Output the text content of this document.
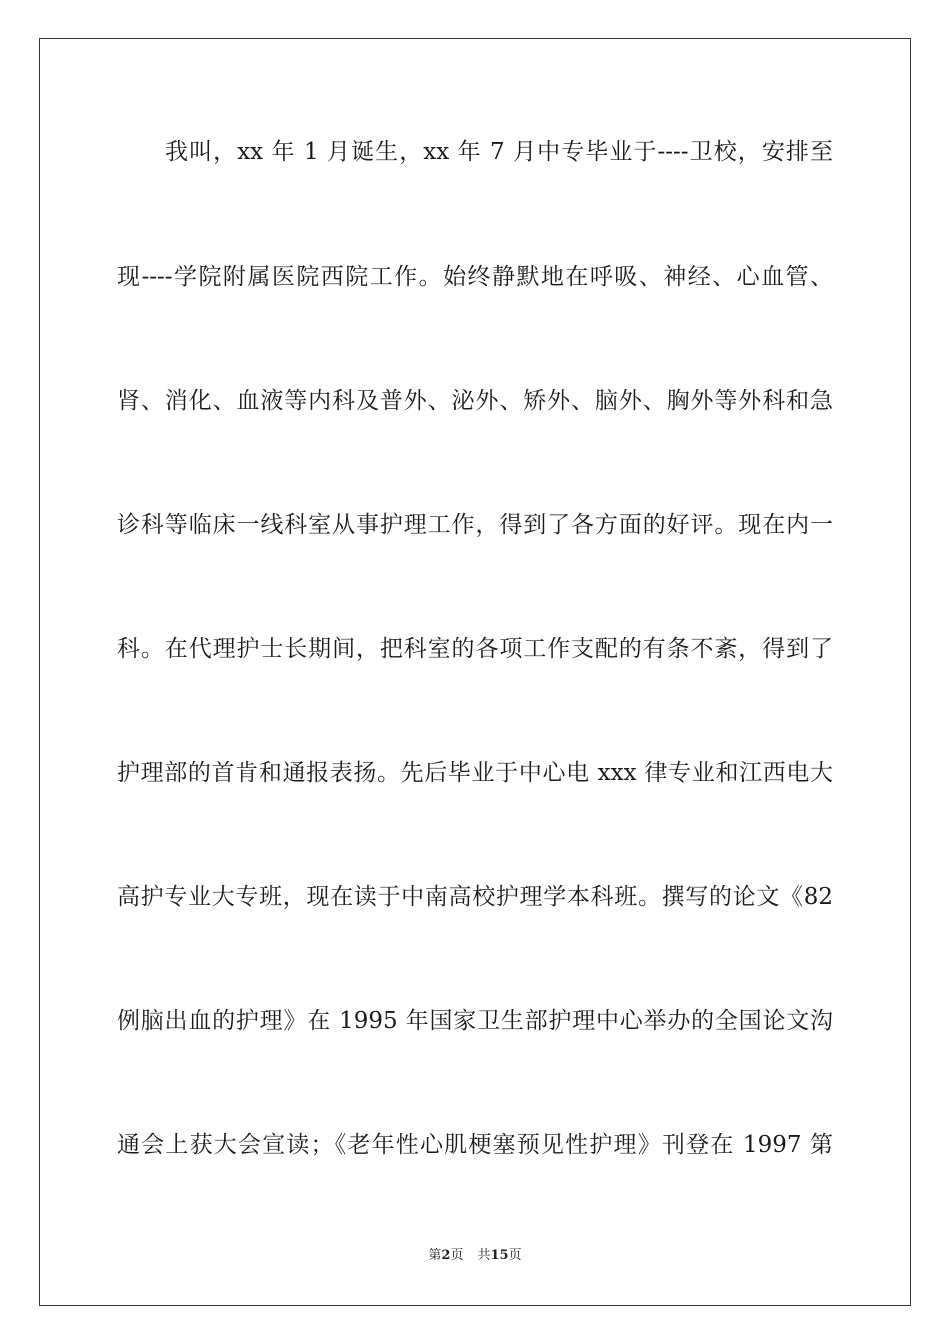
我叫，xx 年 1 月诞生，xx 年 7 月中专毕业于----卫校，安排至
现----学院附属医院西院工作。始终静默地在呼吸、神经、心血管、
肾、消化、血液等内科及普外、泌外、矫外、脑外、胸外等外科和急
诊科等临床一线科室从事护理工作，得到了各方面的好评。现在内一
科。在代理护士长期间，把科室的各项工作支配的有条不紊，得到了
护理部的首肯和通报表扬。先后毕业于中心电 xxx 律专业和江西电大
高护专业大专班，现在读于中南高校护理学本科班。撰写的论文《82
例脑出血的护理》在 1995 年国家卫生部护理中心举办的全国论文沟
通会上获大会宣读；《老年性心肌梗塞预见性护理》刊登在 1997 第
第2页 共15页
